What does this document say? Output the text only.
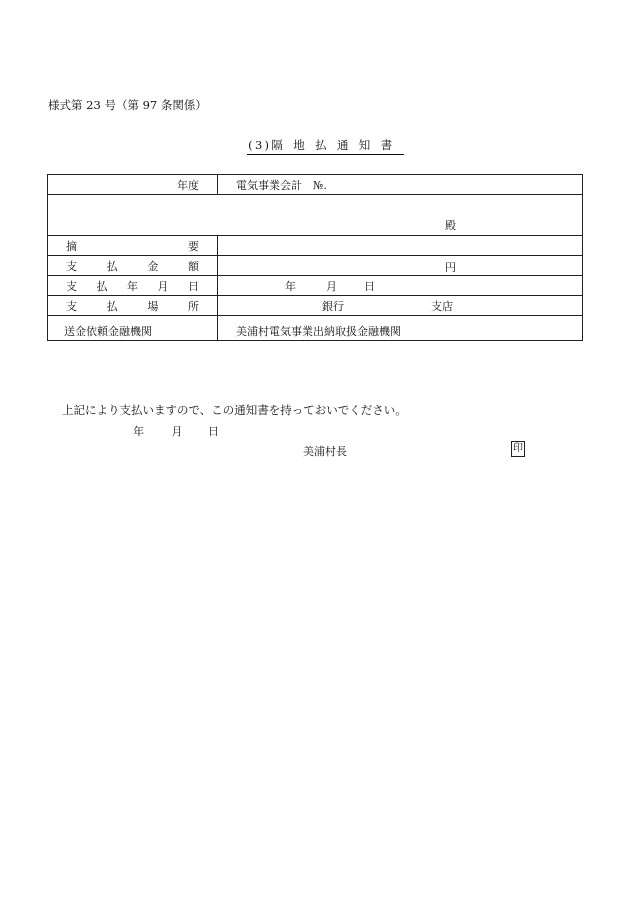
様式第 23 号（第 97 条関係）
(3)隔地払通知書
年度	電気事業会計　№.

殿	

摘 要	

支 払 金 額	円

支 払 年 月 日	年 月 日

支 払 場 所	銀行 支店

送金依頼金融機関	美浦村電気事業出納取扱金融機関
上記により支払いますので、この通知書を持っておいでください。
年	月 日
美浦村長	印
